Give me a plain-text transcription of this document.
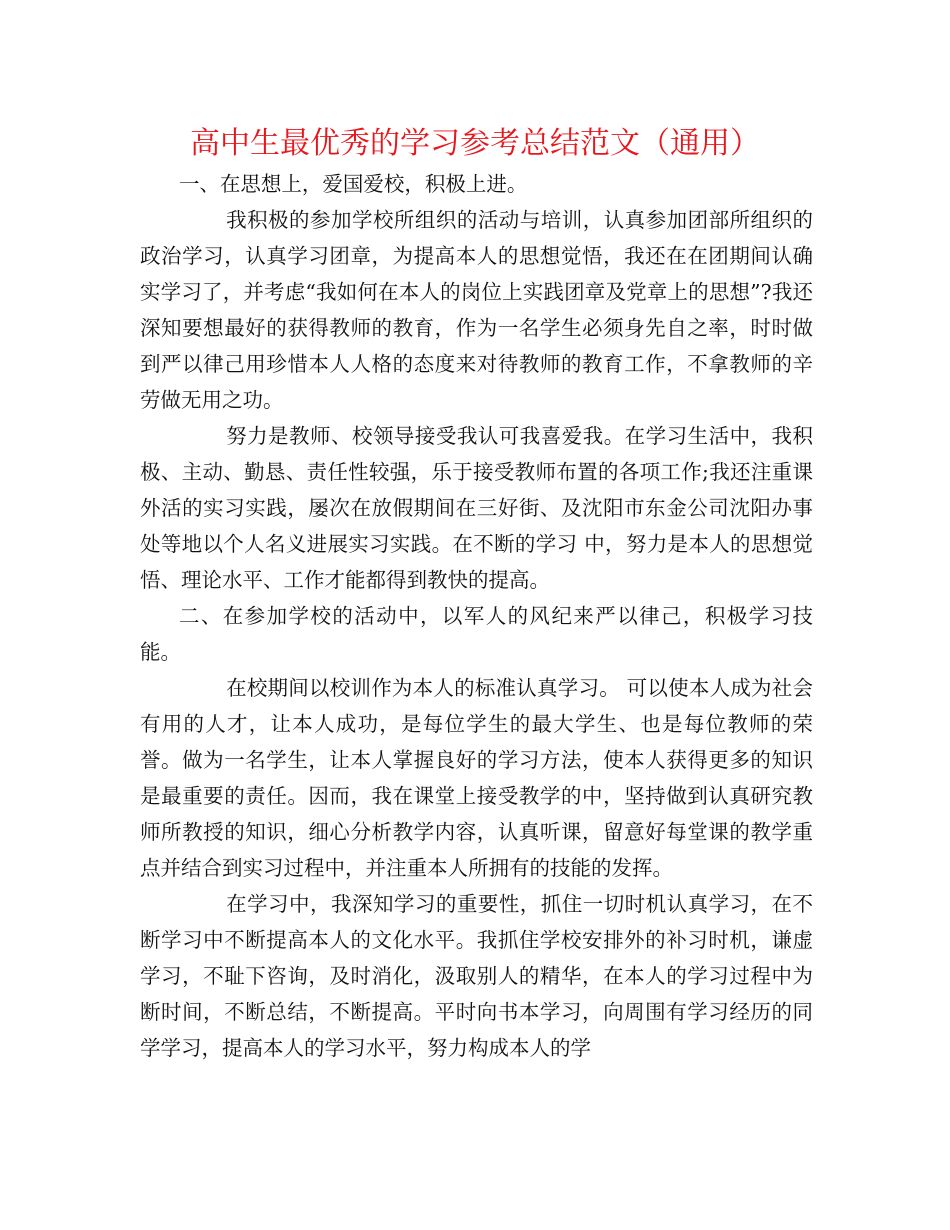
高中生最优秀的学习参考总结范文（通用）

一、在思想上，爱国爱校，积极上进。

我积极的参加学校所组织的活动与培训，认真参加团部所组织的政治学习，认真学习团章，为提高本人的思想觉悟，我还在在团期间认确实学习了，并考虑“我如何在本人的岗位上实践团章及党章上的思想”?我还深知要想最好的获得教师的教育，作为一名学生必须身先自之率，时时做到严以律己用珍惜本人人格的态度来对待教师的教育工作，不拿教师的辛劳做无用之功。

努力是教师、校领导接受我认可我喜爱我。在学习生活中，我积极、主动、勤恳、责任性较强，乐于接受教师布置的各项工作;我还注重课外活的实习实践，屡次在放假期间在三好街、及沈阳市东金公司沈阳办事处等地以个人名义进展实习实践。在不断的学习 中，努力是本人的思想觉悟、理论水平、工作才能都得到教快的提高。

二、在参加学校的活动中，以军人的风纪来严以律己，积极学习技能。

在校期间以校训作为本人的标准认真学习。 可以使本人成为社会有用的人才，让本人成功，是每位学生的最大学生、也是每位教师的荣誉。做为一名学生，让本人掌握良好的学习方法，使本人获得更多的知识是最重要的责任。因而，我在课堂上接受教学的中，坚持做到认真研究教师所教授的知识，细心分析教学内容，认真听课，留意好每堂课的教学重点并结合到实习过程中，并注重本人所拥有的技能的发挥。

在学习中，我深知学习的重要性，抓住一切时机认真学习，在不断学习中不断提高本人的文化水平。我抓住学校安排外的补习时机，谦虚学习，不耻下咨询，及时消化，汲取别人的精华，在本人的学习过程中为断时间，不断总结，不断提高。平时向书本学习，向周围有学习经历的同学学习，提高本人的学习水平，努力构成本人的学
